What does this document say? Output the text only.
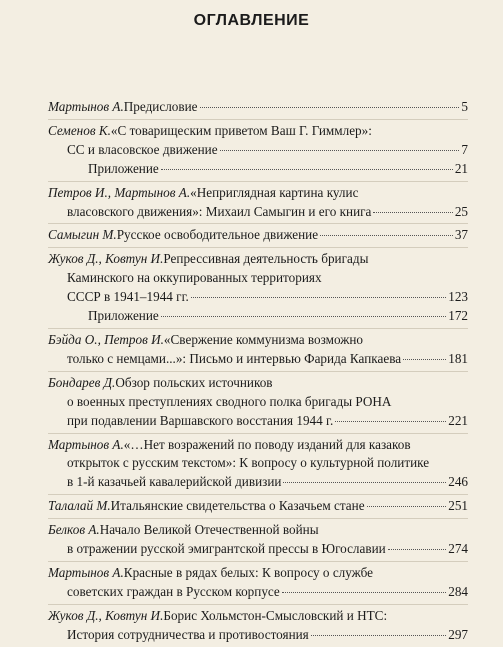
ОГЛАВЛЕНИЕ
Мартынов А. Предисловие	5
Семенов К. «С товарищеским приветом Ваш Г. Гиммлер»:
СС и власовское движение	7
Приложение	21
Петров И., Мартынов А. «Неприглядная картина кулис
власовского движения»: Михаил Самыгин и его книга	25
Самыгин М. Русское освободительное движение	37
Жуков Д., Ковтун И. Репрессивная деятельность бригады
Каминского на оккупированных территориях
СССР в 1941–1944 гг.	123
Приложение	172
Бэйда О., Петров И. «Свержение коммунизма возможно
только с немцами...»: Письмо и интервью Фарида Капкаева	181
Бондарев Д. Обзор польских источников
о военных преступлениях сводного полка бригады РОНА
при подавлении Варшавского восстания 1944 г.	221
Мартынов А. «…Нет возражений по поводу изданий для казаков
открыток с русским текстом»: К вопросу о культурной политике
в 1-й казачьей кавалерийской дивизии	246
Талалай М. Итальянские свидетельства о Казачьем стане	251
Белков А. Начало Великой Отечественной войны
в отражении русской эмигрантской прессы в Югославии	274
Мартынов А. Красные в рядах белых: К вопросу о службе
советских граждан в Русском корпусе	284
Жуков Д., Ковтун И. Борис Хольмстон-Смысловский и НТС:
История сотрудничества и противостояния	297
